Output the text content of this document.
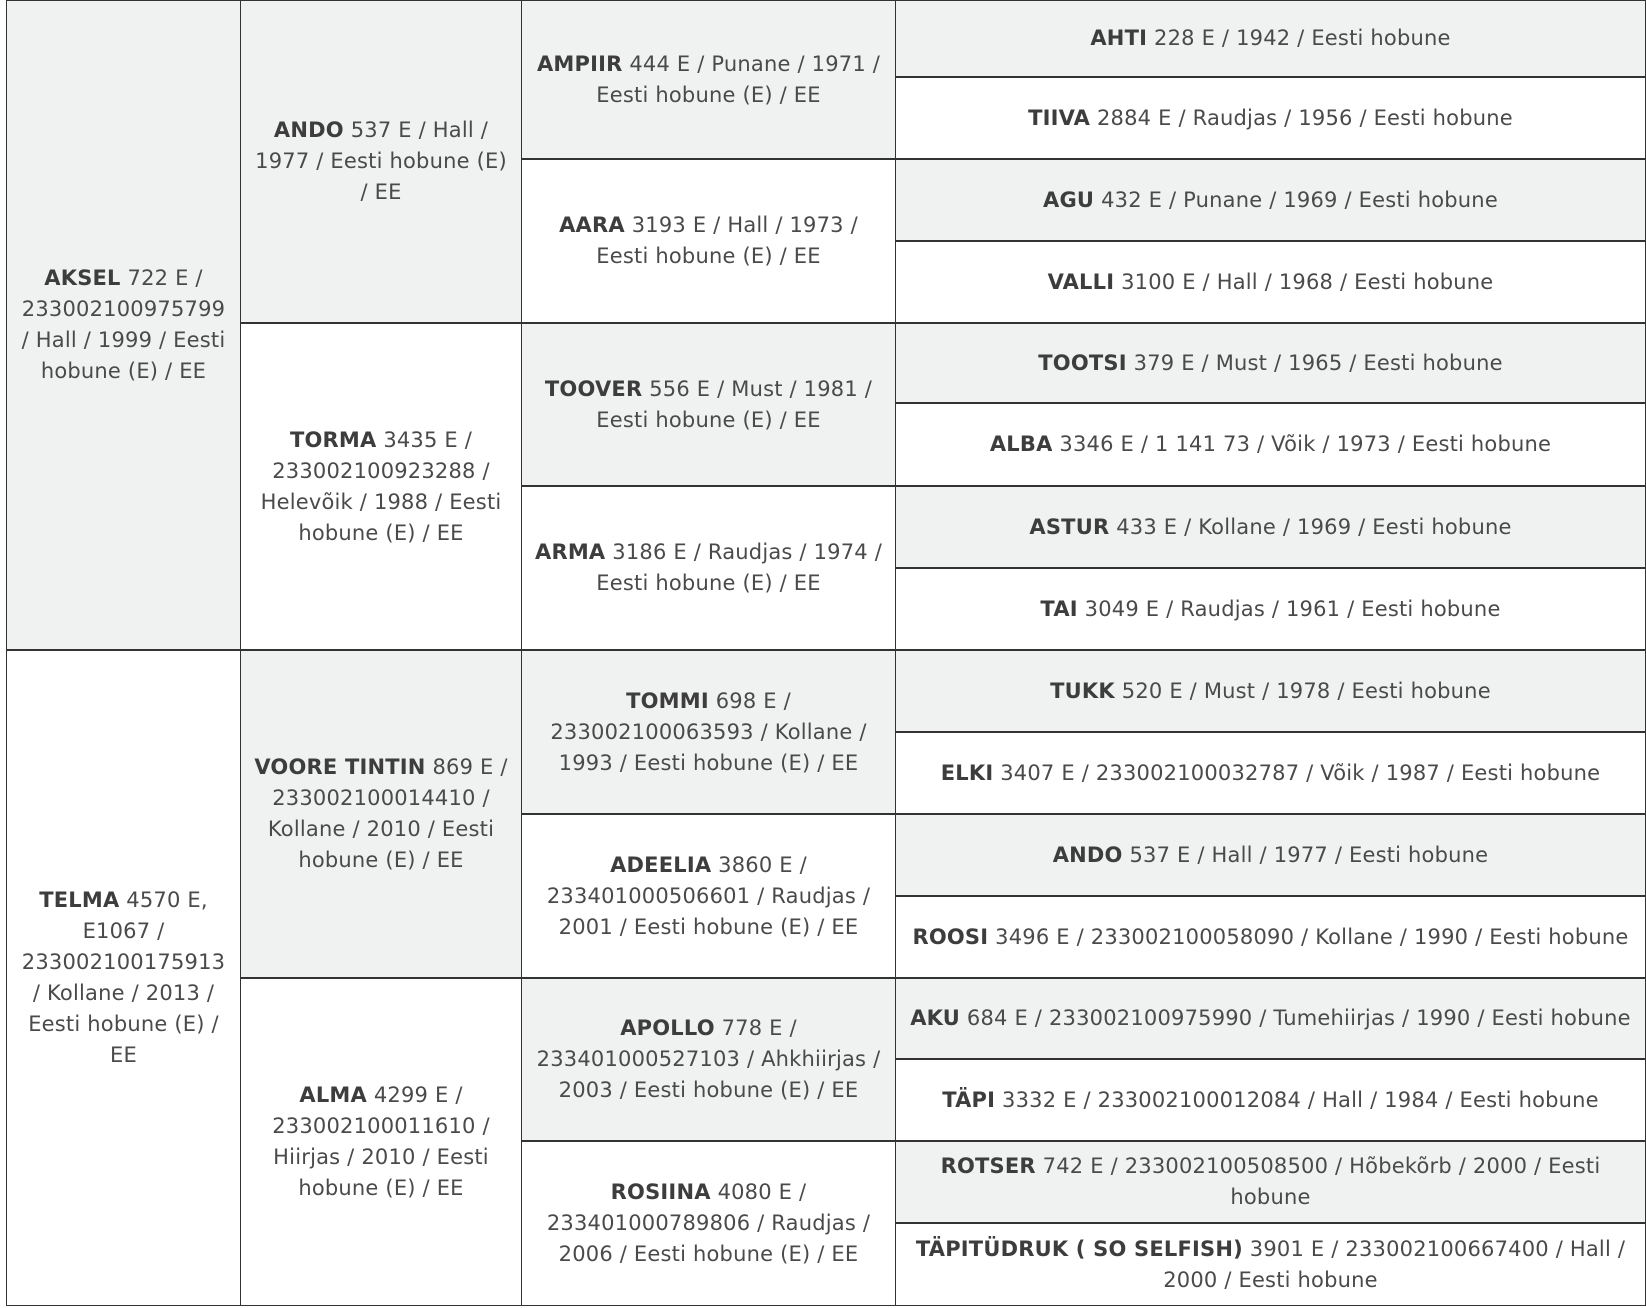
AKSEL 722 E / 233002100975799 / Hall / 1999 / Eesti hobune (E) / EE
TELMA 4570 E, E1067 / 233002100175913 / Kollane / 2013 / Eesti hobune (E) / EE
ANDO 537 E / Hall / 1977 / Eesti hobune (E) / EE
TORMA 3435 E / 233002100923288 / Helevõik / 1988 / Eesti hobune (E) / EE
VOORE TINTIN 869 E / 233002100014410 / Kollane / 2010 / Eesti hobune (E) / EE
ALMA 4299 E / 233002100011610 / Hiirjas / 2010 / Eesti hobune (E) / EE
AMPIIR 444 E / Punane / 1971 / Eesti hobune (E) / EE
AARA 3193 E / Hall / 1973 / Eesti hobune (E) / EE
TOOVER 556 E / Must / 1981 / Eesti hobune (E) / EE
ARMA 3186 E / Raudjas / 1974 / Eesti hobune (E) / EE
TOMMI 698 E / 233002100063593 / Kollane / 1993 / Eesti hobune (E) / EE
ADEELIA 3860 E / 233401000506601 / Raudjas / 2001 / Eesti hobune (E) / EE
APOLLO 778 E / 233401000527103 / Ahkhiirjas / 2003 / Eesti hobune (E) / EE
ROSIINA 4080 E / 233401000789806 / Raudjas / 2006 / Eesti hobune (E) / EE
AHTI 228 E / 1942 / Eesti hobune
TIIVA 2884 E / Raudjas / 1956 / Eesti hobune
AGU 432 E / Punane / 1969 / Eesti hobune
VALLI 3100 E / Hall / 1968 / Eesti hobune
TOOTSI 379 E / Must / 1965 / Eesti hobune
ALBA 3346 E / 1 141 73 / Võik / 1973 / Eesti hobune
ASTUR 433 E / Kollane / 1969 / Eesti hobune
TAI 3049 E / Raudjas / 1961 / Eesti hobune
TUKK 520 E / Must / 1978 / Eesti hobune
ELKI 3407 E / 233002100032787 / Võik / 1987 / Eesti hobune
ANDO 537 E / Hall / 1977 / Eesti hobune
ROOSI 3496 E / 233002100058090 / Kollane / 1990 / Eesti hobune
AKU 684 E / 233002100975990 / Tumehiirjas / 1990 / Eesti hobune
TÄPI 3332 E / 233002100012084 / Hall / 1984 / Eesti hobune
ROTSER 742 E / 233002100508500 / Hõbekõrb / 2000 / Eesti hobune
TÄPITÜDRUK ( SO SELFISH) 3901 E / 233002100667400 / Hall / 2000 / Eesti hobune
